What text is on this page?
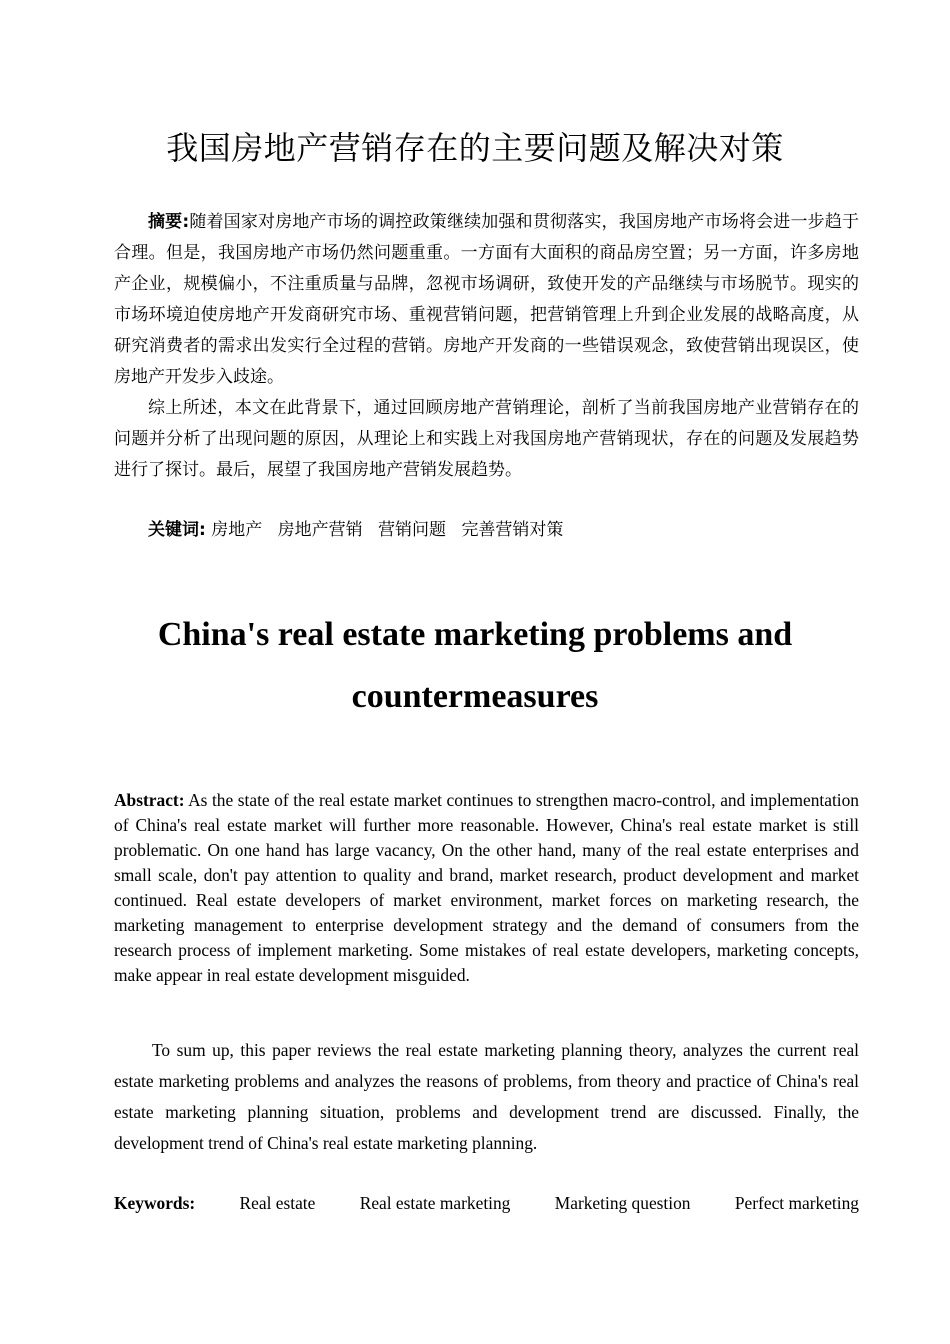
我国房地产营销存在的主要问题及解决对策

摘要:随着国家对房地产市场的调控政策继续加强和贯彻落实，我国房地产市场将会进一步趋于合理。但是，我国房地产市场仍然问题重重。一方面有大面积的商品房空置；另一方面，许多房地产企业，规模偏小，不注重质量与品牌，忽视市场调研，致使开发的产品继续与市场脱节。现实的市场环境迫使房地产开发商研究市场、重视营销问题，把营销管理上升到企业发展的战略高度，从研究消费者的需求出发实行全过程的营销。房地产开发商的一些错误观念，致使营销出现误区，使房地产开发步入歧途。

综上所述，本文在此背景下，通过回顾房地产营销理论，剖析了当前我国房地产业营销存在的问题并分析了出现问题的原因，从理论上和实践上对我国房地产营销现状，存在的问题及发展趋势进行了探讨。最后，展望了我国房地产营销发展趋势。

关键词: 房地产 房地产营销 营销问题 完善营销对策
China's real estate marketing problems and
countermeasures

Abstract: As the state of the real estate market continues to strengthen macro-control, and implementation of China's real estate market will further more reasonable. However, China's real estate market is still problematic. On one hand has large vacancy, On the other hand, many of the real estate enterprises and small scale, don't pay attention to quality and brand, market research, product development and market continued. Real estate developers of market environment, market forces on marketing research, the marketing management to enterprise development strategy and the demand of consumers from the research process of implement marketing. Some mistakes of real estate developers, marketing concepts, make appear in real estate development misguided.

To sum up, this paper reviews the real estate marketing planning theory, analyzes the current real estate marketing problems and analyzes the reasons of problems, from theory and practice of China's real estate marketing planning situation, problems and development trend are discussed. Finally, the development trend of China's real estate marketing planning.

Keywords:	Real estate	Real estate marketing	Marketing question	Perfect marketing
